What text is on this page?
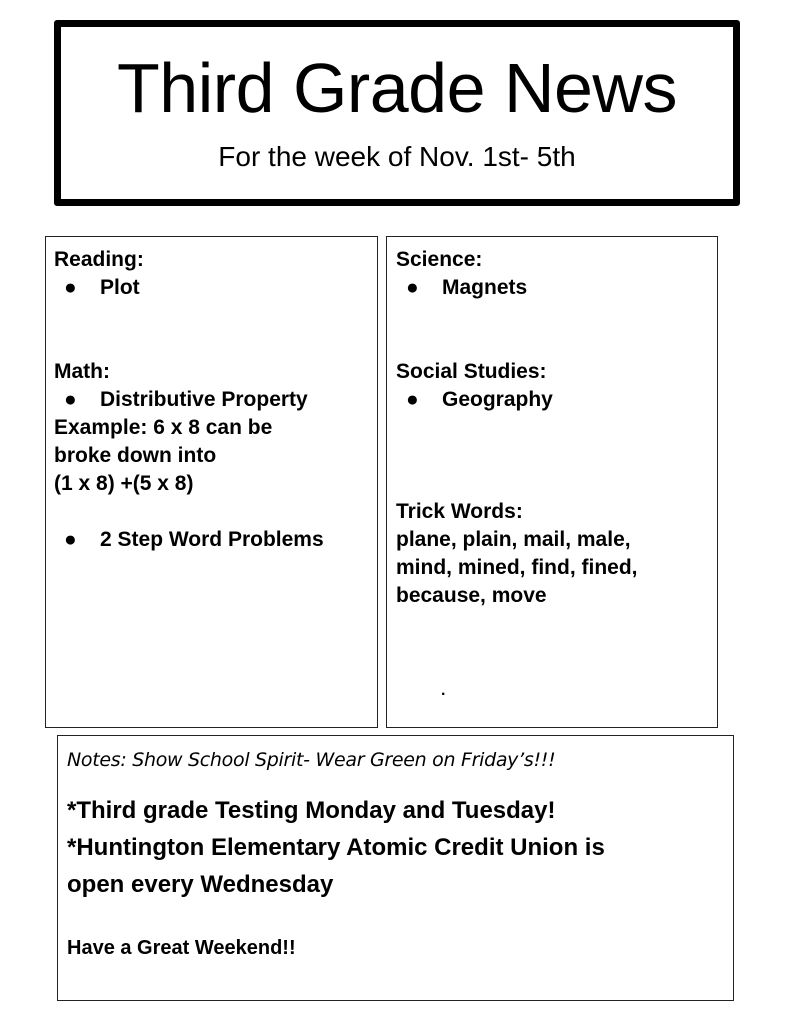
Third Grade News
For the week of Nov. 1st- 5th
Reading:
●	Plot
Math:
●	Distributive Property
Example: 6 x 8 can be
broke down into
(1 x 8) +(5 x 8)
●	2 Step Word Problems
Science:
●	Magnets
Social Studies:
●	Geography
Trick Words:
plane, plain, mail, male,
mind, mined, find, fined,
because, move
.
Notes: Show School Spirit- Wear Green on Friday’s!!!
*Third grade Testing Monday and Tuesday!
*Huntington Elementary Atomic Credit Union is
open every Wednesday
Have a Great Weekend!!
